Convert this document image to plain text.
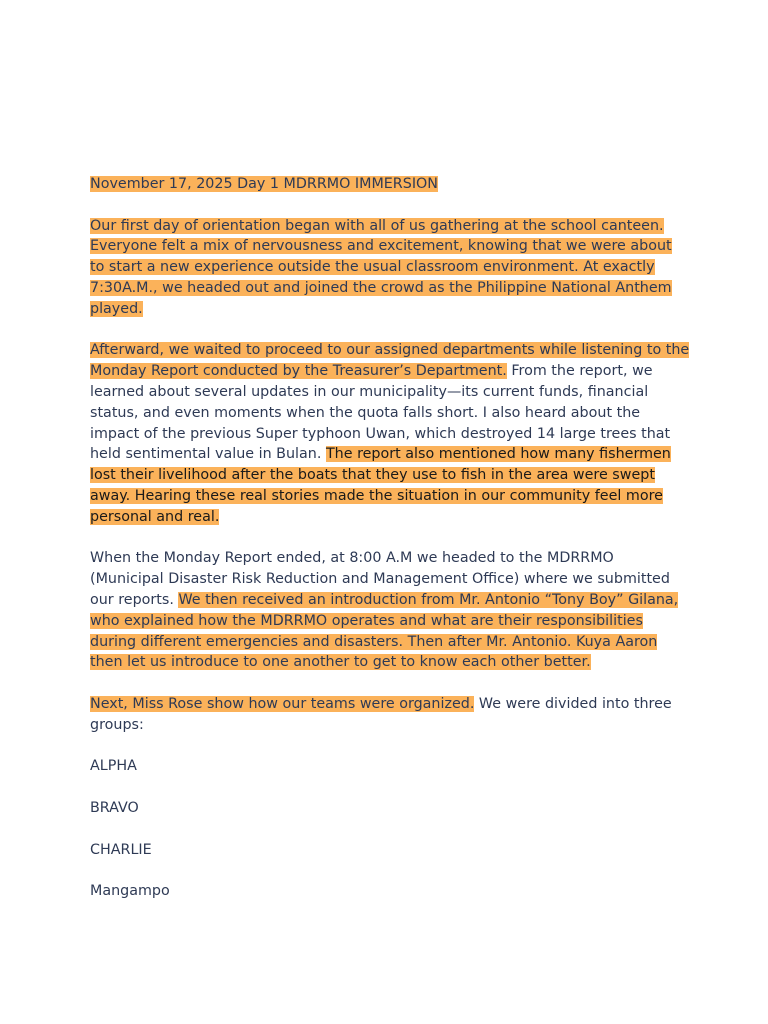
November 17, 2025 Day 1 MDRRMO IMMERSION

Our first day of orientation began with all of us gathering at the school canteen. Everyone felt a mix of nervousness and excitement, knowing that we were about to start a new experience outside the usual classroom environment. At exactly 7:30A.M., we headed out and joined the crowd as the Philippine National Anthem played.

Afterward, we waited to proceed to our assigned departments while listening to the Monday Report conducted by the Treasurer’s Department. From the report, we learned about several updates in our municipality—its current funds, financial status, and even moments when the quota falls short. I also heard about the impact of the previous Super typhoon Uwan, which destroyed 14 large trees that held sentimental value in Bulan. The report also mentioned how many fishermen lost their livelihood after the boats that they use to fish in the area were swept away. Hearing these real stories made the situation in our community feel more personal and real.

When the Monday Report ended, at 8:00 A.M we headed to the MDRRMO (Municipal Disaster Risk Reduction and Management Office) where we submitted our reports. We then received an introduction from Mr. Antonio “Tony Boy” Gilana, who explained how the MDRRMO operates and what are their responsibilities during different emergencies and disasters. Then after Mr. Antonio. Kuya Aaron then let us introduce to one another to get to know each other better.

Next, Miss Rose show how our teams were organized. We were divided into three groups:

ALPHA

BRAVO

CHARLIE

Mangampo
